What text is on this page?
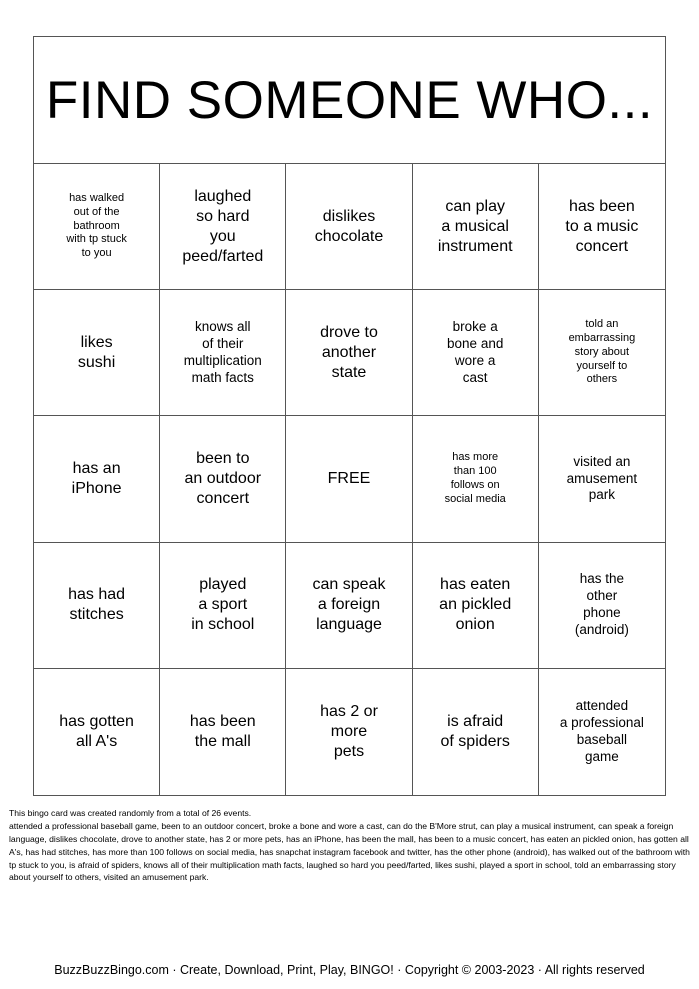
FIND SOMEONE WHO...
has walked
out of the
bathroom
with tp stuck
to you
laughed
so hard
you
peed/farted
dislikes
chocolate
can play
a musical
instrument
has been
to a music
concert
likes
sushi
knows all
of their
multiplication
math facts
drove to
another
state
broke a
bone and
wore a
cast
told an
embarrassing
story about
yourself to
others
has an
iPhone
been to
an outdoor
concert
FREE
has more
than 100
follows on
social media
visited an
amusement
park
has had
stitches
played
a sport
in school
can speak
a foreign
language
has eaten
an pickled
onion
has the
other
phone
(android)
has gotten
all A's
has been
the mall
has 2 or
more
pets
is afraid
of spiders
attended
a professional
baseball
game

This bingo card was created randomly from a total of 26 events.

attended a professional baseball game, been to an outdoor concert, broke a bone and wore a cast, can do the B'More strut, can play a musical instrument, can speak a foreign language, dislikes chocolate, drove to another state, has 2 or more pets, has an iPhone, has been the mall, has been to a music concert, has eaten an pickled onion, has gotten all A's, has had stitches, has more than 100 follows on social media, has snapchat instagram facebook and twitter, has the other phone (android), has walked out of the bathroom with tp stuck to you, is afraid of spiders, knows all of their multiplication math facts, laughed so hard you peed/farted, likes sushi, played a sport in school, told an embarrassing story about yourself to others, visited an amusement park.

BuzzBuzzBingo.com · Create, Download, Print, Play, BINGO! · Copyright © 2003-2023 · All rights reserved
